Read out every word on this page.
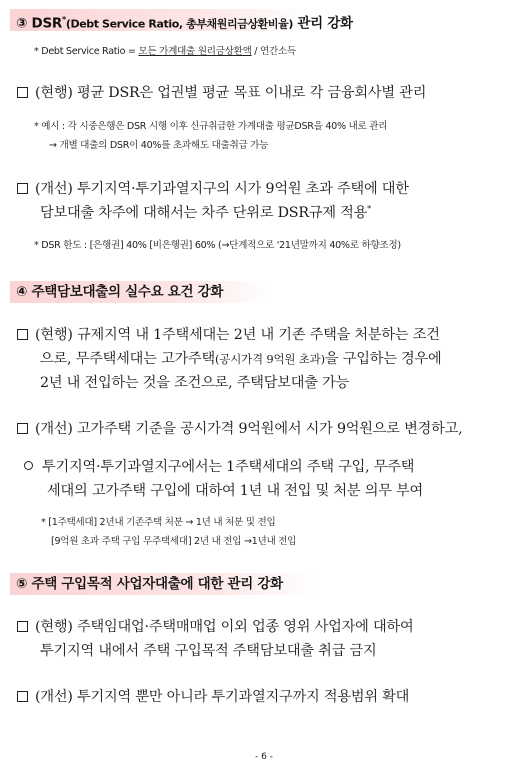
③ DSR*(Debt Service Ratio, 총부채원리금상환비율) 관리 강화
* Debt Service Ratio = 모든 가계대출 원리금상환액 / 연간소득
(현행) 평균 DSR은 업권별 평균 목표 이내로 각 금융회사별 관리
* 예시 : 각 시중은행은 DSR 시행 이후 신규취급한 가계대출 평균DSR을 40% 내로 관리
→ 개별 대출의 DSR이 40%를 초과해도 대출취급 가능
(개선) 투기지역·투기과열지구의 시가 9억원 초과 주택에 대한
담보대출 차주에 대해서는 차주 단위로 DSR규제 적용*
* DSR 한도 : [은행권] 40% [비은행권] 60% (→단계적으로 '21년말까지 40%로 하향조정)
④ 주택담보대출의 실수요 요건 강화
(현행) 규제지역 내 1주택세대는 2년 내 기존 주택을 처분하는 조건
으로, 무주택세대는 고가주택(공시가격 9억원 초과)을 구입하는 경우에
2년 내 전입하는 것을 조건으로, 주택담보대출 가능
(개선) 고가주택 기준을 공시가격 9억원에서 시가 9억원으로 변경하고,
투기지역·투기과열지구에서는 1주택세대의 주택 구입, 무주택
세대의 고가주택 구입에 대하여 1년 내 전입 및 처분 의무 부여
* [1주택세대] 2년내 기존주택 처분 → 1년 내 처분 및 전입
[9억원 초과 주택 구입 무주택세대] 2년 내 전입 →1년내 전입
⑤ 주택 구입목적 사업자대출에 대한 관리 강화
(현행) 주택임대업·주택매매업 이외 업종 영위 사업자에 대하여
투기지역 내에서 주택 구입목적 주택담보대출 취급 금지
(개선) 투기지역 뿐만 아니라 투기과열지구까지 적용범위 확대
- 6 -
